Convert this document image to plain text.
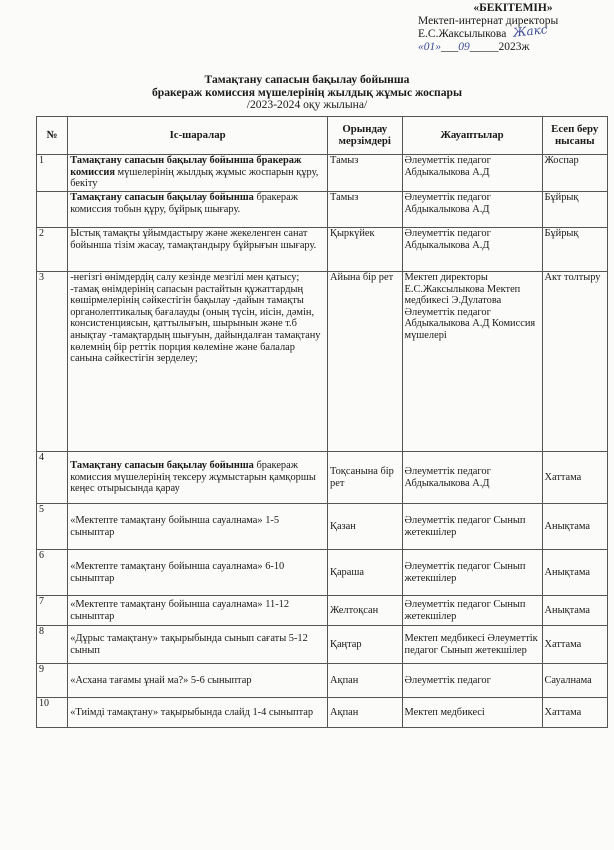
«БЕКІТЕМІН»
Мектеп-интернат директоры
Е.С.Жаксылыкова Жакс
«01»___09_____2023ж
Тамақтану сапасын бақылау бойынша
бракераж комиссия мүшелерінің жылдық жұмыс жоспары
/2023-2024 оқу жылына/
№	Іс-шаралар	Орындау мерзімдері	Жауаптылар	Есеп беру нысаны
1	Тамақтану сапасын бақылау бойынша бракераж комиссия мүшелерінің жылдық жұмыс жоспарын құру, бекіту	Тамыз	Әлеуметтік педагог Абдыкалыкова А.Д	Жоспар
	Тамақтану сапасын бақылау бойынша бракераж комиссия тобын құру, бұйрық шығару.	Тамыз	Әлеуметтік педагог Абдыкалыкова А.Д	Бұйрық
2	Ыстық тамақты ұйымдастыру және жекеленген санат бойынша тізім жасау, тамақтандыру бұйрығын шығару.	Қыркүйек	Әлеуметтік педагог Абдыкалыкова А.Д	Бұйрық
3	-негізгі өнімдердің салу кезінде мезгілі мен қатысу; -тамақ өнімдерінің сапасын растайтын құжаттардың көшірмелерінің сәйкестігін бақылау -дайын тамақты органолептикалық бағалауды (оның түсін, иісін, дәмін, консистенциясын, қаттылығын, шырынын және т.б анықтау -тамақтардың шығуын, дайындалған тамақтану көлемнің бір реттік порция көлеміне және балалар санына сәйкестігін зерделеу;	Айына бір рет	Мектеп директоры Е.С.Жаксылыкова Мектеп медбикесі Э.Дулатова Әлеуметтік педагог Абдыкалыкова А.Д Комиссия мүшелері	Акт толтыру
4	Тамақтану сапасын бақылау бойынша бракераж комиссия мүшелерінің тексеру жұмыстарын қамқоршы кеңес отырысында қарау	Тоқсанына бір рет	Әлеуметтік педагог Абдыкалыкова А.Д	Хаттама
5	«Мектепте тамақтану бойынша сауалнама» 1-5 сыныптар	Қазан	Әлеуметтік педагог Сынып жетекшілер	Анықтама
6	«Мектепте тамақтану бойынша сауалнама» 6-10 сыныптар	Қараша	Әлеуметтік педагог Сынып жетекшілер	Анықтама
7	«Мектепте тамақтану бойынша сауалнама» 11-12 сыныптар	Желтоқсан	Әлеуметтік педагог Сынып жетекшілер	Анықтама
8	«Дұрыс тамақтану» тақырыбында сынып сағаты 5-12 сынып	Қаңтар	Мектеп медбикесі Әлеуметтік педагог Сынып жетекшілер	Хаттама
9	«Асхана тағамы ұнай ма?» 5-6 сыныптар	Ақпан	Әлеуметтік педагог	Сауалнама
10	«Тиімді тамақтану» тақырыбында слайд 1-4 сыныптар	Ақпан	Мектеп медбикесі	Хаттама
